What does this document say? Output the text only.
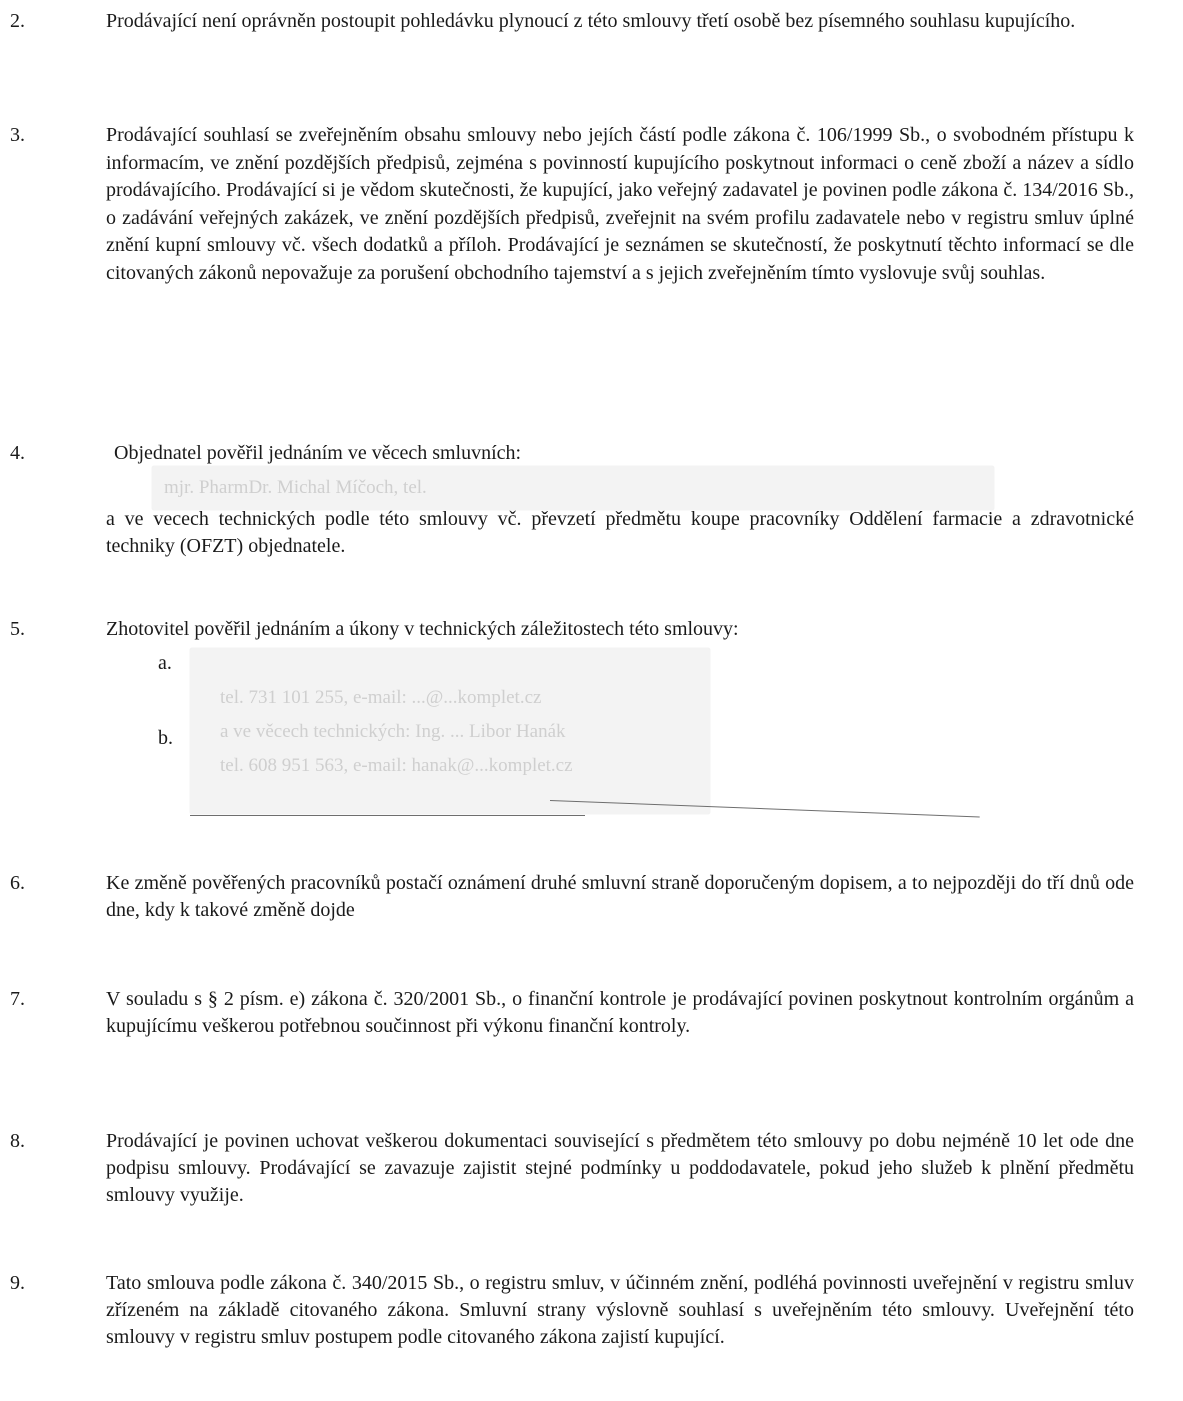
2.	Prodávající není oprávněn postoupit pohledávku plynoucí z této smlouvy třetí osobě bez písemného souhlasu kupujícího.
3.	Prodávající souhlasí se zveřejněním obsahu smlouvy nebo jejích částí podle zákona č. 106/1999 Sb., o svobodném přístupu k informacím, ve znění pozdějších předpisů, zejména s povinností kupujícího poskytnout informaci o ceně zboží a název a sídlo prodávajícího. Prodávající si je vědom skutečnosti, že kupující, jako veřejný zadavatel je povinen podle zákona č. 134/2016 Sb., o zadávání veřejných zakázek, ve znění pozdějších předpisů, zveřejnit na svém profilu zadavatele nebo v registru smluv úplné znění kupní smlouvy vč. všech dodatků a příloh. Prodávající je seznámen se skutečností, že poskytnutí těchto informací se dle citovaných zákonů nepovažuje za porušení obchodního tajemství a s jejich zveřejněním tímto vyslovuje svůj souhlas.
4.	Objednatel pověřil jednáním ve věcech smluvních:
mjr. PharmDr. Michal Míčoch, tel.
a ve vecech technických podle této smlouvy vč. převzetí předmětu koupe pracovníky Oddělení farmacie a zdravotnické techniky (OFZT) objednatele.
5.	Zhotovitel pověřil jednáním a úkony v technických záležitostech této smlouvy:
tel. 731 101 255, e-mail: ...@...komplet.cz
a ve věcech technických: Ing. ... Libor Hanák
tel. 608 951 563, e-mail: hanak@...komplet.cz
a.
b.
6.	Ke změně pověřených pracovníků postačí oznámení druhé smluvní straně doporučeným dopisem, a to nejpozději do tří dnů ode dne, kdy k takové změně dojde
7.	V souladu s § 2 písm. e) zákona č. 320/2001 Sb., o finanční kontrole je prodávající povinen poskytnout kontrolním orgánům a kupujícímu veškerou potřebnou součinnost při výkonu finanční kontroly.
8.	Prodávající je povinen uchovat veškerou dokumentaci související s předmětem této smlouvy po dobu nejméně 10 let ode dne podpisu smlouvy. Prodávající se zavazuje zajistit stejné podmínky u poddodavatele, pokud jeho služeb k plnění předmětu smlouvy využije.
9.	Tato smlouva podle zákona č. 340/2015 Sb., o registru smluv, v účinném znění, podléhá povinnosti uveřejnění v registru smluv zřízeném na základě citovaného zákona. Smluvní strany výslovně souhlasí s uveřejněním této smlouvy. Uveřejnění této smlouvy v registru smluv postupem podle citovaného zákona zajistí kupující.
